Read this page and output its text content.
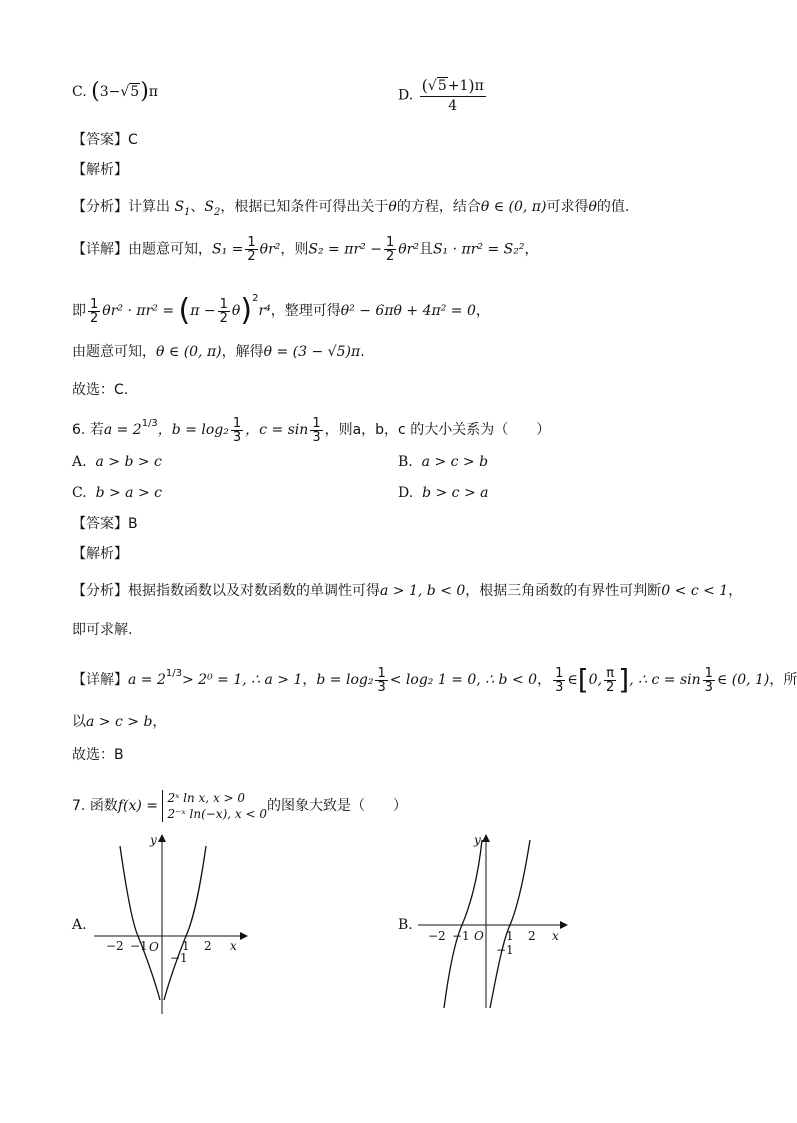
C. (3−√5)π	D. $\frac{(√5+1)\pi}{4}$
【答案】C
【解析】
【分析】计算出 $S_1$、$S_2$，根据已知条件可得出关于θ的方程，结合θ ∈ (0, π)可求得θ的值.
【详解】由题意可知，$S_1 = \frac{1}{2} \theta r^2$，则$S_2 = \pi r^2 - \frac{1}{2} \theta r^2$且S₁ · πr² = S₂²，
即 $\frac{1}{2} \theta r^2 \cdot \pi r^2 = (\pi - \frac{1}{2} \theta)^2r^4$，整理可得θ² − 6πθ + 4π² = 0，
由题意可知，θ ∈ (0, π)，解得θ = (3 − √5)π.
故选：C.
6. 若$a = 2^{1/3}$，$b = \log_2 \frac{1}{3}$ ，$c = \sin \frac{1}{3}$ ，则a，b，c 的大小关系为（　　）
A. a > b > c	B. a > c > b
C. b > a > c	D. b > c > a
【答案】B
【解析】
【分析】根据指数函数以及对数函数的单调性可得a > 1, b < 0，根据三角函数的有界性可判断0 < c < 1，
即可求解.
【详解】$a = 2^{1/3}> 2^0 = 1$, ∴ a > 1，$b = \log_2 \frac{1}{3} < \log_2$ 1 = 0, ∴ b < 0， $\frac{1}{3}$ ∈[0, $\frac{\pi}{2}$ ], ∴ $c = \sin \frac{1}{3}$ ∈ (0, 1)，所
以a > c > b，
故选：B
7. 函数f(x) = 2ˣ ln x, x > 0
2⁻ˣ ln(−x), x < 0 的图象大致是（　　）
A.
y
x
O
−2 −1	1 2
−1
B.
y
x
O
−2 −1	1 2
−1
